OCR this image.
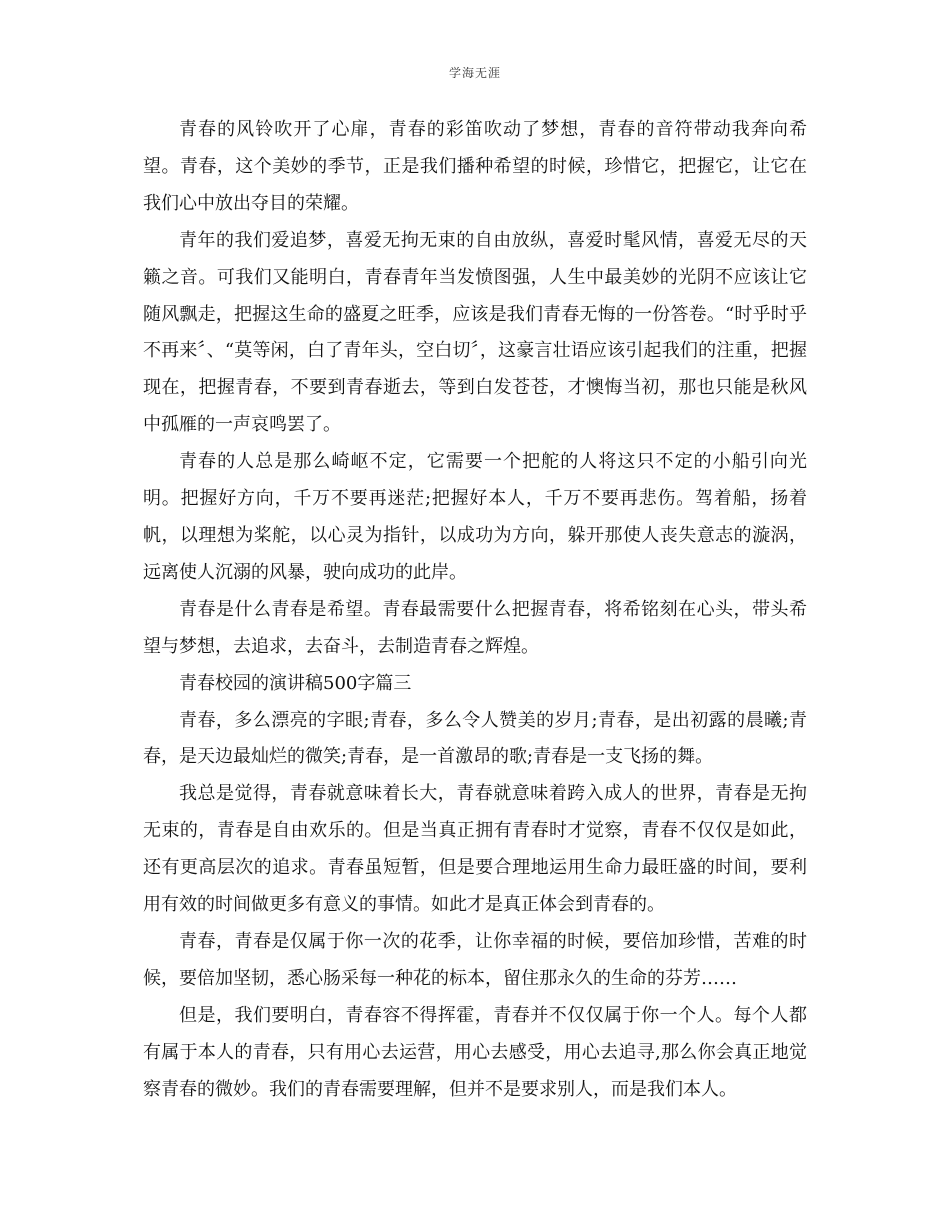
学海无涯

青春的风铃吹开了心扉，青春的彩笛吹动了梦想，青春的音符带动我奔向希望。青春，这个美妙的季节，正是我们播种希望的时候，珍惜它，把握它，让它在我们心中放出夺目的荣耀。

青年的我们爱追梦，喜爱无拘无束的自由放纵，喜爱时髦风情，喜爱无尽的天籁之音。可我们又能明白，青春青年当发愤图强，人生中最美妙的光阴不应该让它随风飘走，把握这生命的盛夏之旺季，应该是我们青春无悔的一份答卷。“时乎时乎不再来〞、“莫等闲，白了青年头，空白切〞，这豪言壮语应该引起我们的注重，把握现在，把握青春，不要到青春逝去，等到白发苍苍，才懊悔当初，那也只能是秋风中孤雁的一声哀鸣罢了。

青春的人总是那么崎岖不定，它需要一个把舵的人将这只不定的小船引向光明。把握好方向，千万不要再迷茫;把握好本人，千万不要再悲伤。驾着船，扬着帆，以理想为桨舵，以心灵为指针，以成功为方向，躲开那使人丧失意志的漩涡，远离使人沉溺的风暴，驶向成功的此岸。

青春是什么青春是希望。青春最需要什么把握青春，将希铭刻在心头，带头希望与梦想，去追求，去奋斗，去制造青春之辉煌。

青春校园的演讲稿500字篇三

青春，多么漂亮的字眼;青春，多么令人赞美的岁月;青春，是出初露的晨曦;青春，是天边最灿烂的微笑;青春，是一首激昂的歌;青春是一支飞扬的舞。

我总是觉得，青春就意味着长大，青春就意味着跨入成人的世界，青春是无拘无束的，青春是自由欢乐的。但是当真正拥有青春时才觉察，青春不仅仅是如此，还有更高层次的追求。青春虽短暂，但是要合理地运用生命力最旺盛的时间，要利用有效的时间做更多有意义的事情。如此才是真正体会到青春的。

青春，青春是仅属于你一次的花季，让你幸福的时候，要倍加珍惜，苦难的时候，要倍加坚韧，悉心肠采每一种花的标本，留住那永久的生命的芬芳……

但是，我们要明白，青春容不得挥霍，青春并不仅仅属于你一个人。每个人都有属于本人的青春，只有用心去运营，用心去感受，用心去追寻,那么你会真正地觉察青春的微妙。我们的青春需要理解，但并不是要求别人，而是我们本人。
